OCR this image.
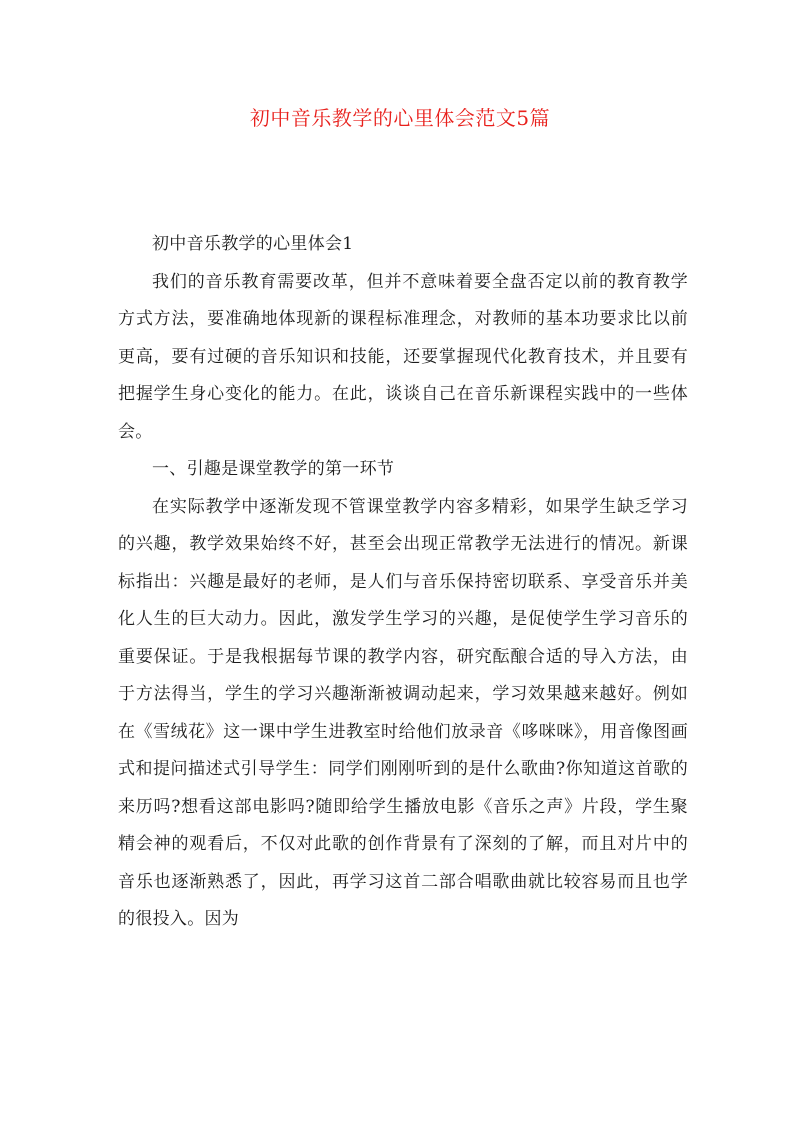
初中音乐教学的心里体会范文5篇

初中音乐教学的心里体会1

我们的音乐教育需要改革，但并不意味着要全盘否定以前的教育教学方式方法，要准确地体现新的课程标准理念，对教师的基本功要求比以前更高，要有过硬的音乐知识和技能，还要掌握现代化教育技术，并且要有把握学生身心变化的能力。在此，谈谈自己在音乐新课程实践中的一些体会。

一、引趣是课堂教学的第一环节

在实际教学中逐渐发现不管课堂教学内容多精彩，如果学生缺乏学习的兴趣，教学效果始终不好，甚至会出现正常教学无法进行的情况。新课标指出：兴趣是最好的老师，是人们与音乐保持密切联系、享受音乐并美化人生的巨大动力。因此，激发学生学习的兴趣，是促使学生学习音乐的重要保证。于是我根据每节课的教学内容，研究酝酿合适的导入方法，由于方法得当，学生的学习兴趣渐渐被调动起来，学习效果越来越好。例如在《雪绒花》这一课中学生进教室时给他们放录音《哆咪咪》，用音像图画式和提问描述式引导学生：同学们刚刚听到的是什么歌曲?你知道这首歌的来历吗?想看这部电影吗?随即给学生播放电影《音乐之声》片段，学生聚精会神的观看后，不仅对此歌的创作背景有了深刻的了解，而且对片中的音乐也逐渐熟悉了，因此，再学习这首二部合唱歌曲就比较容易而且也学的很投入。因为
